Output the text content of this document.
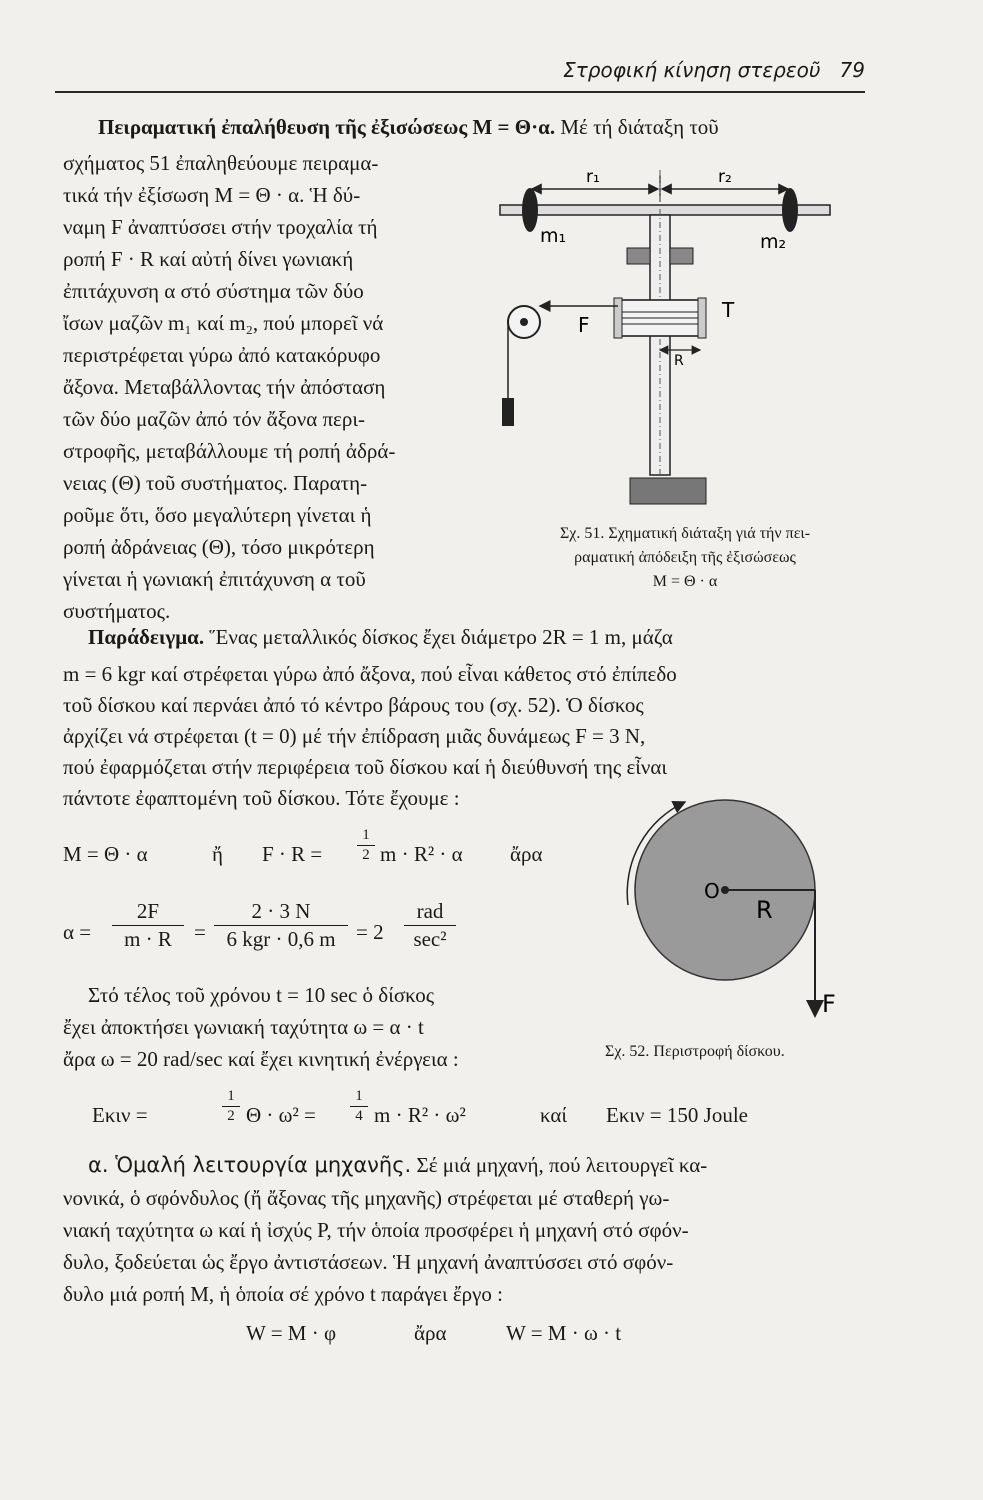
Στροφική κίνηση στερεοῦ 79
Πειραματική ἐπαλήθευση τῆς ἐξισώσεως Μ = Θ·α. Μέ τή διάταξη τοῦ
σχήματος 51 ἐπαληθεύουμε πειραμα-
τικά τήν ἐξίσωση Μ = Θ · α. Ἡ δύ-
ναμη F ἀναπτύσσει στήν τροχαλία τή
ροπή F · R καί αὐτή δίνει γωνιακή
ἐπιτάχυνση α στό σύστημα τῶν δύο
ἴσων μαζῶν m₁ καί m₂, πού μπορεῖ νά
περιστρέφεται γύρω ἀπό κατακόρυφο
ἄξονα. Μεταβάλλοντας τήν ἀπόσταση
τῶν δύο μαζῶν ἀπό τόν ἄξονα περι-
στροφῆς, μεταβάλλουμε τή ροπή ἀδρά-
νειας (Θ) τοῦ συστήματος. Παρατη-
ροῦμε ὅτι, ὅσο μεγαλύτερη γίνεται ἡ
ροπή ἀδράνειας (Θ), τόσο μικρότερη
γίνεται ἡ γωνιακή ἐπιτάχυνση α τοῦ
συστήματος.
r₁	r₂
m₁	m₂
T
R
F
Σχ. 51. Σχηματική διάταξη γιά τήν πει-
ραματική ἀπόδειξη τῆς ἐξισώσεως
Μ = Θ · α
Παράδειγμα. Ἕνας μεταλλικός δίσκος ἔχει διάμετρο 2R = 1 m, μάζα
m = 6 kgr καί στρέφεται γύρω ἀπό ἄξονα, πού εἶναι κάθετος στό ἐπίπεδο
τοῦ δίσκου καί περνάει ἀπό τό κέντρο βάρους του (σχ. 52). Ὁ δίσκος
ἀρχίζει νά στρέφεται (t = 0) μέ τήν ἐπίδραση μιᾶς δυνάμεως F = 3 N,
πού ἐφαρμόζεται στήν περιφέρεια τοῦ δίσκου καί ἡ διεύθυνσή της εἶναι
πάντοτε ἐφαπτομένη τοῦ δίσκου. Τότε ἔχουμε :
Μ = Θ · α	ἤ F · R =
1
2 m · R² · α ἄρα
α =
2F
m · R	=
2 · 3 N
6 kgr · 0,6 m = 2
rad
sec²
Στό τέλος τοῦ χρόνου t = 10 sec ὁ δίσκος
ἔχει ἀποκτήσει γωνιακή ταχύτητα ω = α · t
ἄρα ω = 20 rad/sec καί ἔχει κινητική ἐνέργεια :
O
R
F
Σχ. 52. Περιστροφή δίσκου.
Εκιν =
1
2 Θ · ω² =
1
4 m · R² · ω²	καί Εκιν = 150 Joule
α. Ὁμαλή λειτουργία μηχανῆς. Σέ μιά μηχανή, πού λειτουργεῖ κα-
νονικά, ὁ σφόνδυλος (ἤ ἄξονας τῆς μηχανῆς) στρέφεται μέ σταθερή γω-
νιακή ταχύτητα ω καί ἡ ἰσχύς P, τήν ὁποία προσφέρει ἡ μηχανή στό σφόν-
δυλο, ξοδεύεται ὡς ἔργο ἀντιστάσεων. Ἡ μηχανή ἀναπτύσσει στό σφόν-
δυλο μιά ροπή Μ, ἡ ὁποία σέ χρόνο t παράγει ἔργο :
W = M · φ	ἄρα	W = M · ω · t
